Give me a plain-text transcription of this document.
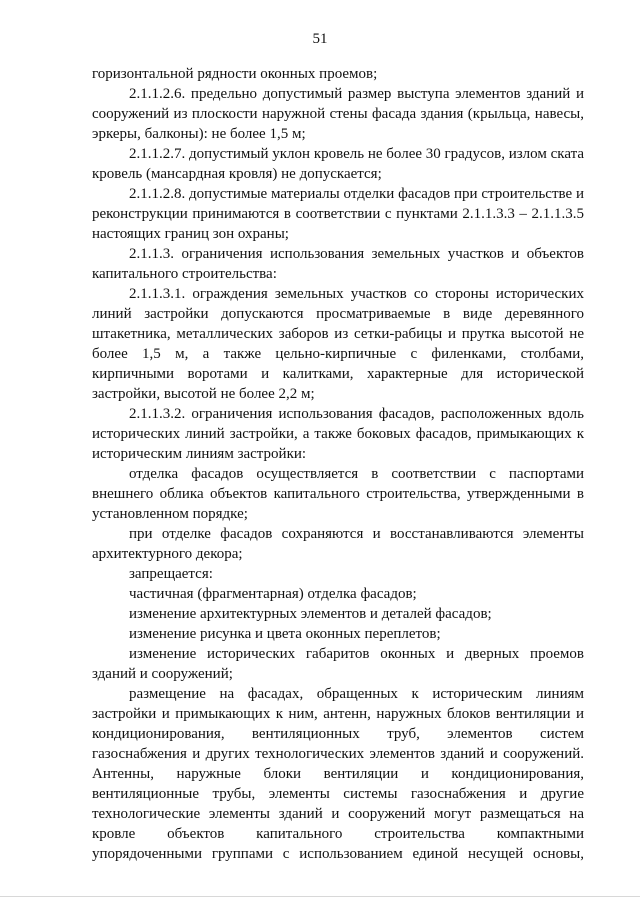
51

горизонтальной рядности оконных проемов;

2.1.1.2.6. предельно допустимый размер выступа элементов зданий и сооружений из плоскости наружной стены фасада здания (крыльца, навесы, эркеры, балконы): не более 1,5 м;

2.1.1.2.7. допустимый уклон кровель не более 30 градусов, излом ската кровель (мансардная кровля) не допускается;

2.1.1.2.8. допустимые материалы отделки фасадов при строительстве и реконструкции принимаются в соответствии с пунктами 2.1.1.3.3 – 2.1.1.3.5 настоящих границ зон охраны;

2.1.1.3. ограничения использования земельных участков и объектов капитального строительства:

2.1.1.3.1. ограждения земельных участков со стороны исторических линий застройки допускаются просматриваемые в виде деревянного штакетника, металлических заборов из сетки-рабицы и прутка высотой не более 1,5 м, а также цельно-кирпичные с филенками, столбами, кирпичными воротами и калитками, характерные для исторической застройки, высотой не более 2,2 м;

2.1.1.3.2. ограничения использования фасадов, расположенных вдоль исторических линий застройки, а также боковых фасадов, примыкающих к историческим линиям застройки:

отделка фасадов осуществляется в соответствии с паспортами внешнего облика объектов капитального строительства, утвержденными в установленном порядке;

при отделке фасадов сохраняются и восстанавливаются элементы архитектурного декора;

запрещается:

частичная (фрагментарная) отделка фасадов;

изменение архитектурных элементов и деталей фасадов;

изменение рисунка и цвета оконных переплетов;

изменение исторических габаритов оконных и дверных проемов зданий и сооружений;

размещение на фасадах, обращенных к историческим линиям застройки и примыкающих к ним, антенн, наружных блоков вентиляции и кондиционирования, вентиляционных труб, элементов систем газоснабжения и других технологических элементов зданий и сооружений. Антенны, наружные блоки вентиляции и кондиционирования, вентиляционные трубы, элементы системы газоснабжения и другие технологические элементы зданий и сооружений могут размещаться на кровле объектов капитального строительства компактными упорядоченными группами с использованием единой несущей основы,
